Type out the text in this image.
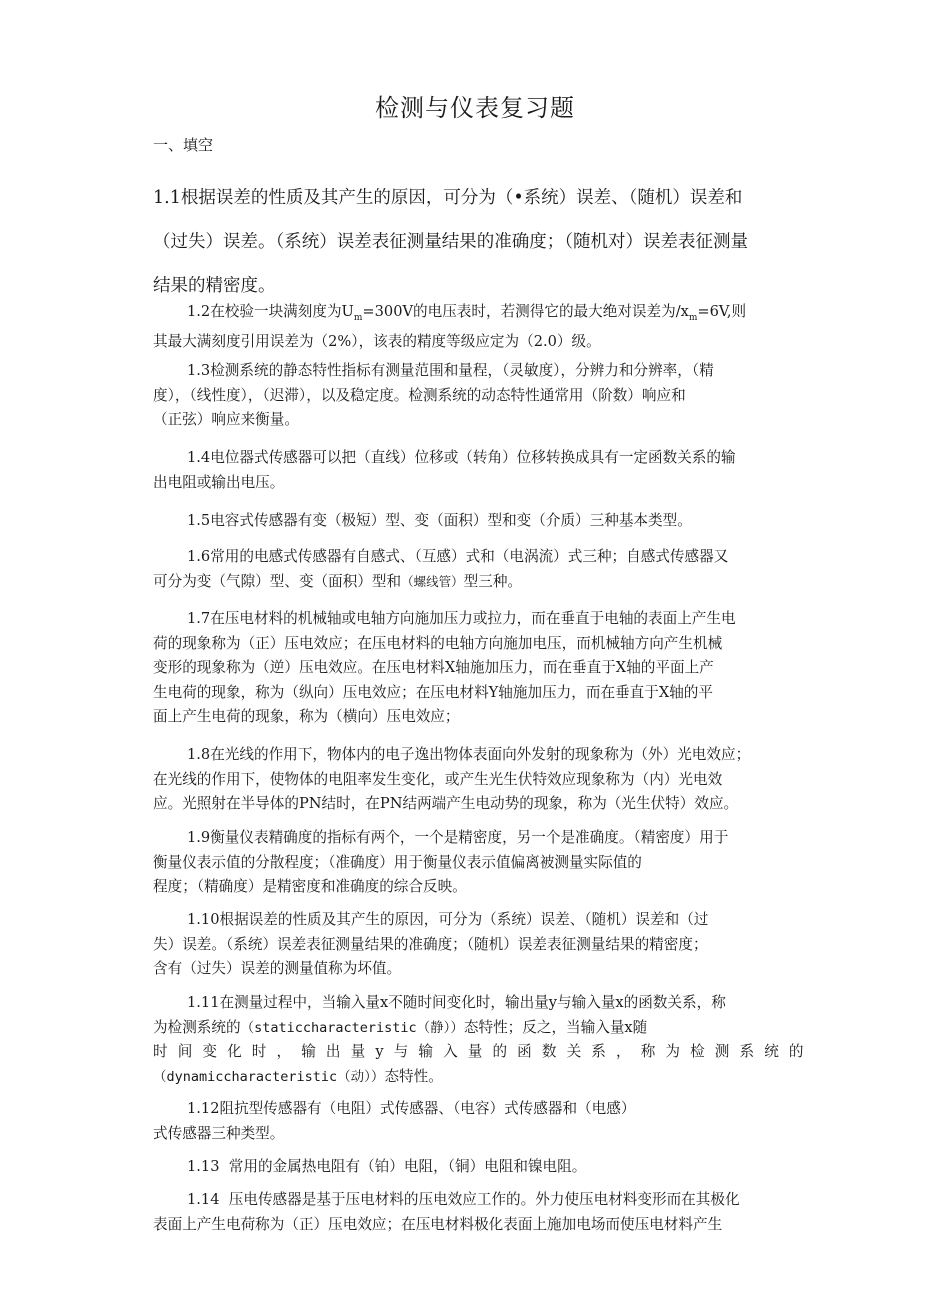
检测与仪表复习题
一、填空
1.1根据误差的性质及其产生的原因，可分为（•系统）误差、（随机）误差和
（过失）误差。（系统）误差表征测量结果的准确度；（随机对）误差表征测量
结果的精密度。
1.2在校验一块满刻度为$U_m=300V$的电压表时，若测得它的最大绝对误差为$/x_m=6V$,则
其最大满刻度引用误差为（2%），该表的精度等级应定为（2.0）级。
1.3检测系统的静态特性指标有测量范围和量程，（灵敏度），分辨力和分辨率，（精
度），（线性度），（迟滞），以及稳定度。检测系统的动态特性通常用（阶数）响应和
（正弦）响应来衡量。
1.4电位器式传感器可以把（直线）位移或（转角）位移转换成具有一定函数关系的输
出电阻或输出电压。
1.5电容式传感器有变（极短）型、变（面积）型和变（介质）三种基本类型。
1.6常用的电感式传感器有自感式、（互感）式和（电涡流）式三种；自感式传感器又
可分为变（气隙）型、变（面积）型和（螺线管）型三种。
1.7在压电材料的机械轴或电轴方向施加压力或拉力，而在垂直于电轴的表面上产生电
荷的现象称为（正）压电效应；在压电材料的电轴方向施加电压，而机械轴方向产生机械
变形的现象称为（逆）压电效应。在压电材料X轴施加压力，而在垂直于X轴的平面上产
生电荷的现象，称为（纵向）压电效应；在压电材料Y轴施加压力，而在垂直于X轴的平
面上产生电荷的现象，称为（横向）压电效应；
1.8在光线的作用下，物体内的电子逸出物体表面向外发射的现象称为（外）光电效应；
在光线的作用下，使物体的电阻率发生变化，或产生光生伏特效应现象称为（内）光电效
应。光照射在半导体的PN结时，在PN结两端产生电动势的现象，称为（光生伏特）效应。
1.9衡量仪表精确度的指标有两个，一个是精密度，另一个是准确度。（精密度）用于
衡量仪表示值的分散程度；（准确度）用于衡量仪表示值偏离被测量实际值的
程度；（精确度）是精密度和准确度的综合反映。
1.10根据误差的性质及其产生的原因，可分为（系统）误差、（随机）误差和（过
失）误差。（系统）误差表征测量结果的准确度；（随机）误差表征测量结果的精密度；
含有（过失）误差的测量值称为坏值。
1.11在测量过程中，当输入量x不随时间变化时，输出量y与输入量x的函数关系，称
为检测系统的（staticcharacteristic（静））态特性；反之，当输入量x随
时间变化时，输出量y与输入量的函数关系，称为检测系统的
（dynamiccharacteristic（动））态特性。
1.12阻抗型传感器有（电阻）式传感器、（电容）式传感器和（电感）
式传感器三种类型。
1.13  常用的金属热电阻有（铂）电阻，（铜）电阻和镍电阻。
1.14  压电传感器是基于压电材料的压电效应工作的。外力使压电材料变形而在其极化
表面上产生电荷称为（正）压电效应；在压电材料极化表面上施加电场而使压电材料产生
